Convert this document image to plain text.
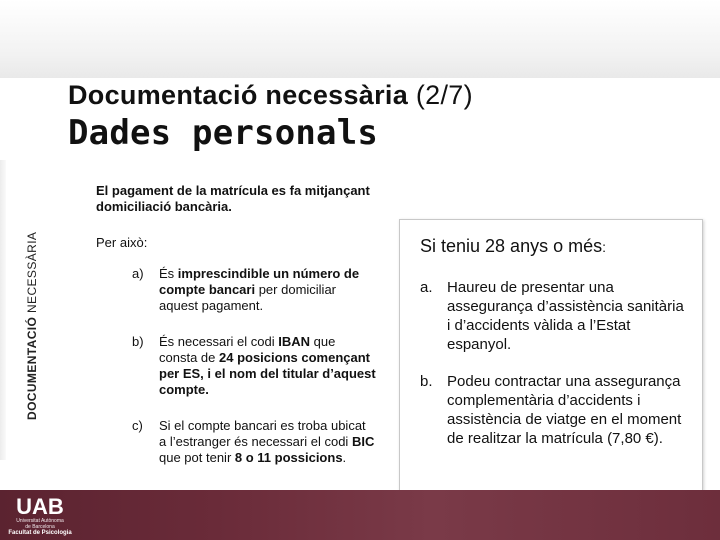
Documentació necessària (2/7)
Dades personals
DOCUMENTACIÓ NECESSÀRIA
El pagament de la matrícula es fa mitjançant domiciliació bancària.
Per això:
a) És imprescindible un número de compte bancari per domiciliar aquest pagament.
b) És necessari el codi IBAN que consta de 24 posicions començant per ES, i el nom del titular d’aquest compte.
c) Si el compte bancari es troba ubicat a l’estranger és necessari el codi BIC que pot tenir 8 o 11 possicions.
Si teniu 28 anys o més:
a. Haureu de presentar una assegurança d’assistència sanitària i d’accidents vàlida a l’Estat espanyol.
b. Podeu contractar una assegurança complementària d’accidents i assistència de viatge en el moment de realitzar la matrícula (7,80 €).
UAB
Universitat Autònoma
de Barcelona
Facultat de Psicologia
